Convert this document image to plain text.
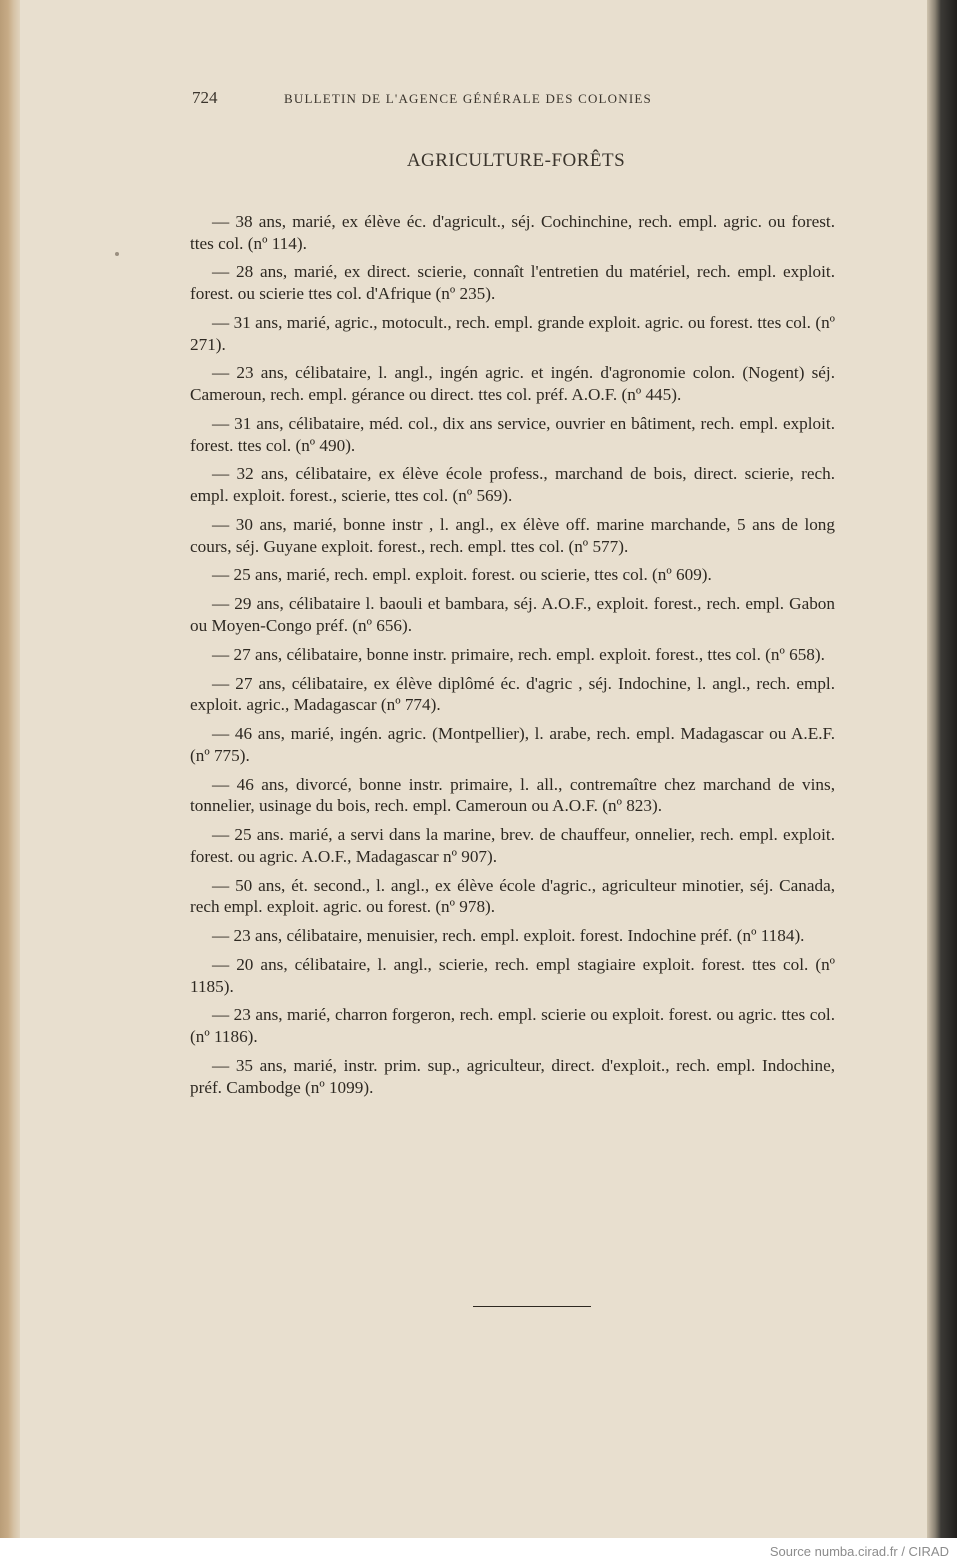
724	BULLETIN DE L'AGENCE GÉNÉRALE DES COLONIES
AGRICULTURE-FORÊTS

— 38 ans, marié, ex élève éc. d'agricult., séj. Cochinchine, rech. empl. agric. ou forest. ttes col. (nº 114).

— 28 ans, marié, ex direct. scierie, connaît l'entretien du matériel, rech. empl. exploit. forest. ou scierie ttes col. d'Afrique (nº 235).

— 31 ans, marié, agric., motocult., rech. empl. grande exploit. agric. ou forest. ttes col. (nº 271).

— 23 ans, célibataire, l. angl., ingén agric. et ingén. d'agronomie colon. (Nogent) séj. Cameroun, rech. empl. gérance ou direct. ttes col. préf. A.O.F. (nº 445).

— 31 ans, célibataire, méd. col., dix ans service, ouvrier en bâtiment, rech. empl. exploit. forest. ttes col. (nº 490).

— 32 ans, célibataire, ex élève école profess., marchand de bois, direct. scierie, rech. empl. exploit. forest., scierie, ttes col. (nº 569).

— 30 ans, marié, bonne instr , l. angl., ex élève off. marine marchande, 5 ans de long cours, séj. Guyane exploit. forest., rech. empl. ttes col. (nº 577).

— 25 ans, marié, rech. empl. exploit. forest. ou scierie, ttes col. (nº 609).

— 29 ans, célibataire l. baouli et bambara, séj. A.O.F., exploit. forest., rech. empl. Gabon ou Moyen-Congo préf. (nº 656).

— 27 ans, célibataire, bonne instr. primaire, rech. empl. exploit. forest., ttes col. (nº 658).

— 27 ans, célibataire, ex élève diplômé éc. d'agric , séj. Indochine, l. angl., rech. empl. exploit. agric., Madagascar (nº 774).

— 46 ans, marié, ingén. agric. (Montpellier), l. arabe, rech. empl. Madagascar ou A.E.F. (nº 775).

— 46 ans, divorcé, bonne instr. primaire, l. all., contremaître chez marchand de vins, tonnelier, usinage du bois, rech. empl. Cameroun ou A.O.F. (nº 823).

— 25 ans. marié, a servi dans la marine, brev. de chauffeur, onnelier, rech. empl. exploit. forest. ou agric. A.O.F., Madagascar nº 907).

— 50 ans, ét. second., l. angl., ex élève école d'agric., agriculteur minotier, séj. Canada, rech empl. exploit. agric. ou forest. (nº 978).

— 23 ans, célibataire, menuisier, rech. empl. exploit. forest. Indochine préf. (nº 1184).

— 20 ans, célibataire, l. angl., scierie, rech. empl stagiaire exploit. forest. ttes col. (nº 1185).

— 23 ans, marié, charron forgeron, rech. empl. scierie ou exploit. forest. ou agric. ttes col. (nº 1186).

— 35 ans, marié, instr. prim. sup., agriculteur, direct. d'exploit., rech. empl. Indochine, préf. Cambodge (nº 1099).

Source numba.cirad.fr / CIRAD
